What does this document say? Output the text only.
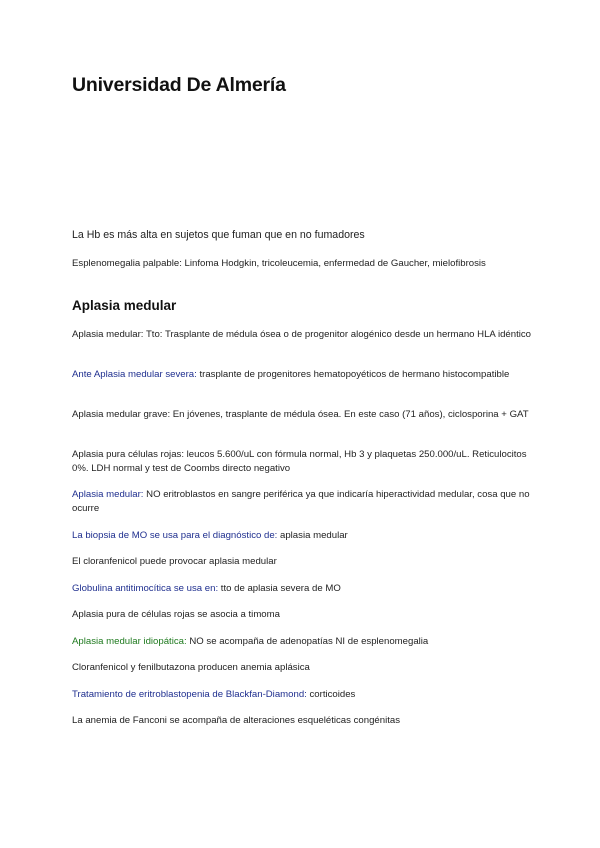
Universidad De Almería
La Hb es más alta en sujetos que fuman que en no fumadores
Esplenomegalia palpable: Linfoma Hodgkin, tricoleucemia, enfermedad de Gaucher, mielofibrosis
Aplasia medular
Aplasia medular: Tto: Trasplante de médula ósea o de progenitor alogénico desde un hermano HLA idéntico
Ante Aplasia medular severa: trasplante de progenitores hematopoyéticos de hermano histocompatible
Aplasia medular grave: En jóvenes, trasplante de médula ósea. En este caso (71 años), ciclosporina + GAT
Aplasia pura células rojas: leucos 5.600/uL con fórmula normal, Hb 3 y plaquetas 250.000/uL. Reticulocitos 0%. LDH normal y test de Coombs directo negativo
Aplasia medular: NO eritroblastos en sangre periférica ya que indicaría hiperactividad medular, cosa que no ocurre
La biopsia de MO se usa para el diagnóstico de: aplasia medular
El cloranfenicol puede provocar aplasia medular
Globulina antitimocítica se usa en: tto de aplasia severa de MO
Aplasia pura de células rojas se asocia a timoma
Aplasia medular idiopática: NO se acompaña de adenopatías NI de esplenomegalia
Cloranfenicol y fenilbutazona producen anemia aplásica
Tratamiento de eritroblastopenia de Blackfan-Diamond: corticoides
La anemia de Fanconi se acompaña de alteraciones esqueléticas congénitas
